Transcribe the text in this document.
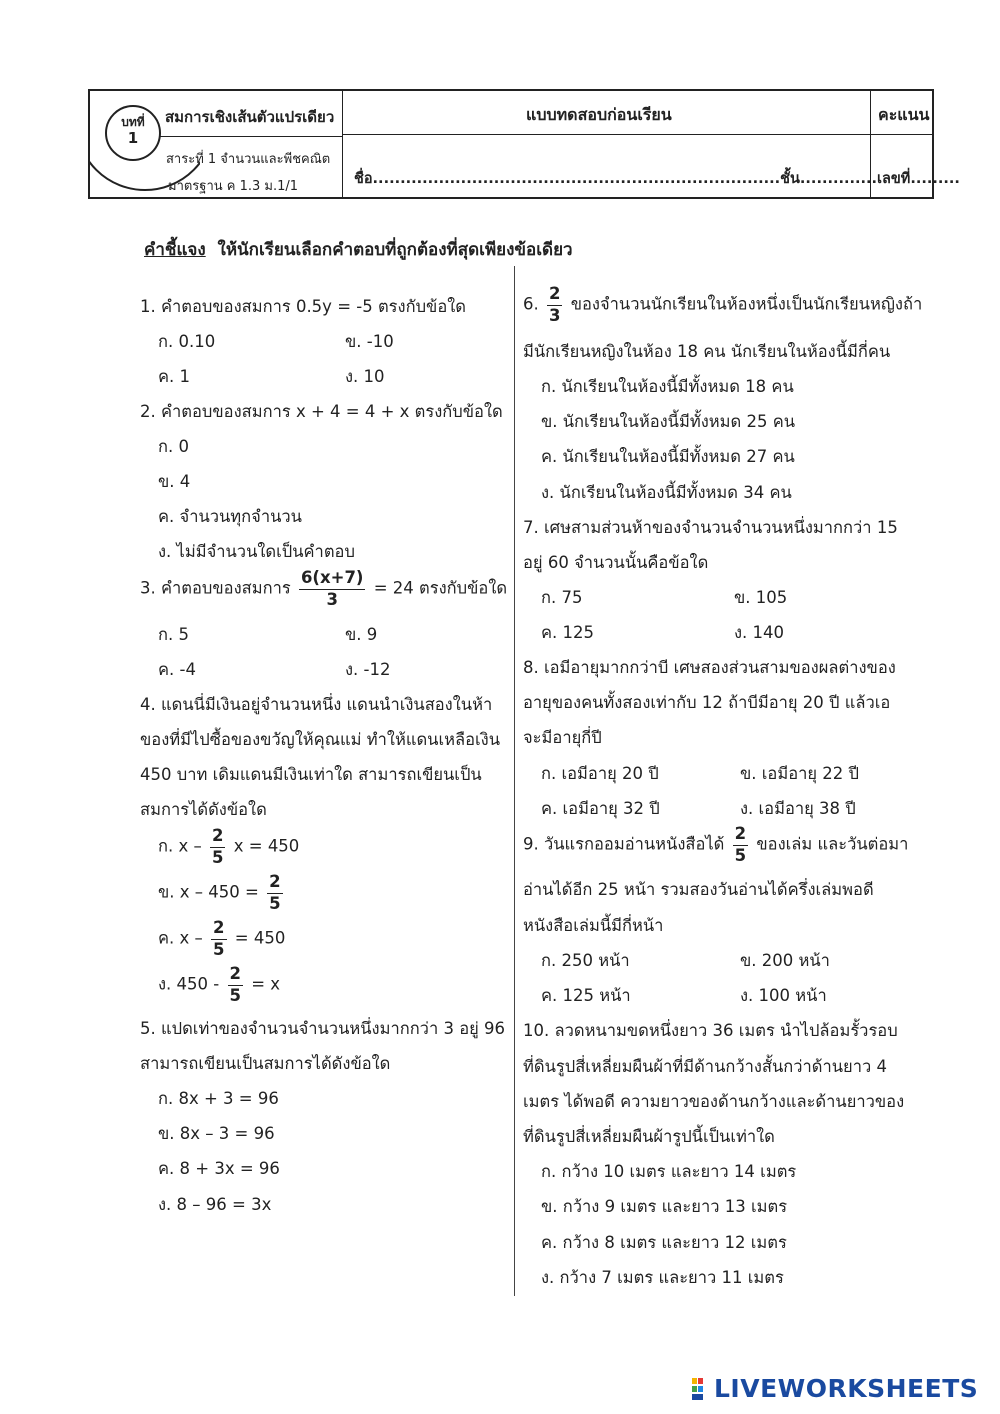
บทที่
1
สมการเชิงเส้นตัวแปรเดียว
สาระที่ 1 จำนวนและพีชคณิต
มาตรฐาน ค 1.3 ม.1/1
แบบทดสอบก่อนเรียน
ชื่อ..........................................................................ชั้น..............เลขที่.........
คะแนน
คำชี้แจง ให้นักเรียนเลือกคำตอบที่ถูกต้องที่สุดเพียงข้อเดียว
1. คำตอบของสมการ 0.5y = -5 ตรงกับข้อใด
ก. 0.10	ข. -10
ค. 1	ง. 10
2. คำตอบของสมการ x + 4 = 4 + x ตรงกับข้อใด
ก. 0
ข. 4
ค. จำนวนทุกจำนวน
ง. ไม่มีจำนวนใดเป็นคำตอบ
3. คำตอบของสมการ $\frac{6(x+7)}{3} = 24$ ตรงกับข้อใด
ก. 5	ข. 9
ค. -4	ง. -12
4. แดนนี่มีเงินอยู่จำนวนหนึ่ง แดนนำเงินสองในห้า
ของที่มีไปซื้อของขวัญให้คุณแม่ ทำให้แดนเหลือเงิน
450 บาท เดิมแดนมีเงินเท่าใด สามารถเขียนเป็น
สมการได้ดังข้อใด
ก. x – $\frac{2}{5}$ x = 450
ข. $x - 450 = \frac{2}{5}$
ค. $x - \frac{2}{5} = 450$
ง. $450 - \frac{2}{5} = x$
5. แปดเท่าของจำนวนจำนวนหนึ่งมากกว่า 3 อยู่ 96
สามารถเขียนเป็นสมการได้ดังข้อใด
ก. 8x + 3 = 96
ข. 8x – 3 = 96
ค. 8 + 3x = 96
ง. 8 – 96 = 3x
6. $\frac{2}{3}$ ของจำนวนนักเรียนในห้องหนึ่งเป็นนักเรียนหญิงถ้า
มีนักเรียนหญิงในห้อง 18 คน นักเรียนในห้องนี้มีกี่คน
ก. นักเรียนในห้องนี้มีทั้งหมด 18 คน
ข. นักเรียนในห้องนี้มีทั้งหมด 25 คน
ค. นักเรียนในห้องนี้มีทั้งหมด 27 คน
ง. นักเรียนในห้องนี้มีทั้งหมด 34 คน
7. เศษสามส่วนห้าของจำนวนจำนวนหนึ่งมากกว่า 15
อยู่ 60 จำนวนนั้นคือข้อใด
ก. 75	ข. 105
ค. 125	ง. 140
8. เอมีอายุมากกว่าบี เศษสองส่วนสามของผลต่างของ
อายุของคนทั้งสองเท่ากับ 12 ถ้าบีมีอายุ 20 ปี แล้วเอ
จะมีอายุกี่ปี
ก. เอมีอายุ 20 ปี	ข. เอมีอายุ 22 ปี
ค. เอมีอายุ 32 ปี	ง. เอมีอายุ 38 ปี
9. วันแรกออมอ่านหนังสือได้ $\frac{2}{5}$ ของเล่ม และวันต่อมา
อ่านได้อีก 25 หน้า รวมสองวันอ่านได้ครึ่งเล่มพอดี
หนังสือเล่มนี้มีกี่หน้า
ก. 250 หน้า	ข. 200 หน้า
ค. 125 หน้า	ง. 100 หน้า
10. ลวดหนามขดหนึ่งยาว 36 เมตร นำไปล้อมรั้วรอบ
ที่ดินรูปสี่เหลี่ยมผืนผ้าที่มีด้านกว้างสั้นกว่าด้านยาว 4
เมตร ได้พอดี ความยาวของด้านกว้างและด้านยาวของ
ที่ดินรูปสี่เหลี่ยมผืนผ้ารูปนี้เป็นเท่าใด
ก. กว้าง 10 เมตร และยาว 14 เมตร
ข. กว้าง 9 เมตร และยาว 13 เมตร
ค. กว้าง 8 เมตร และยาว 12 เมตร
ง. กว้าง 7 เมตร และยาว 11 เมตร
LIVEWORKSHEETS
